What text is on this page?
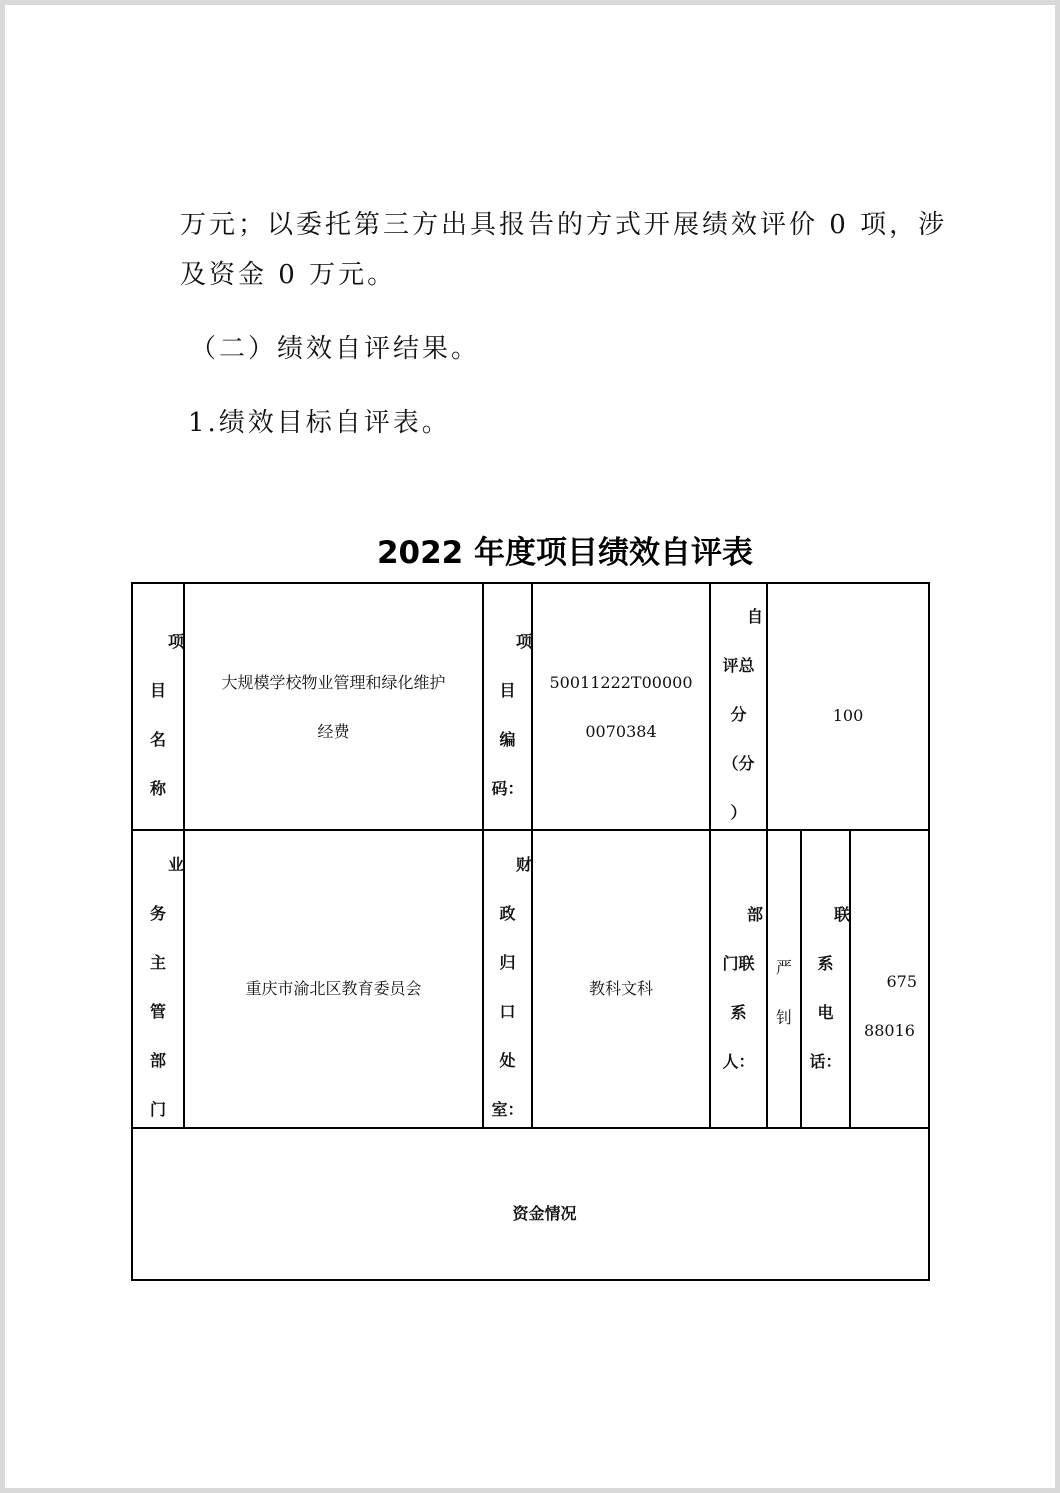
万元；以委托第三方出具报告的方式开展绩效评价 0 项，涉
及资金 0 万元。
（二）绩效自评结果。
1.绩效目标自评表。
2022 年度项目绩效自评表
项
目
名
称
大规模学校物业管理和绿化维护
经费
项
目
编
码：
50011222T00000
0070384
自
评总
分
（分
）
100
业
务
主
管
部
门
重庆市渝北区教育委员会
财
政
归
口
处
室：
教科文科
部
门联
系
人：
严
钊
联
系
电
话：
675
88016
资金情况
